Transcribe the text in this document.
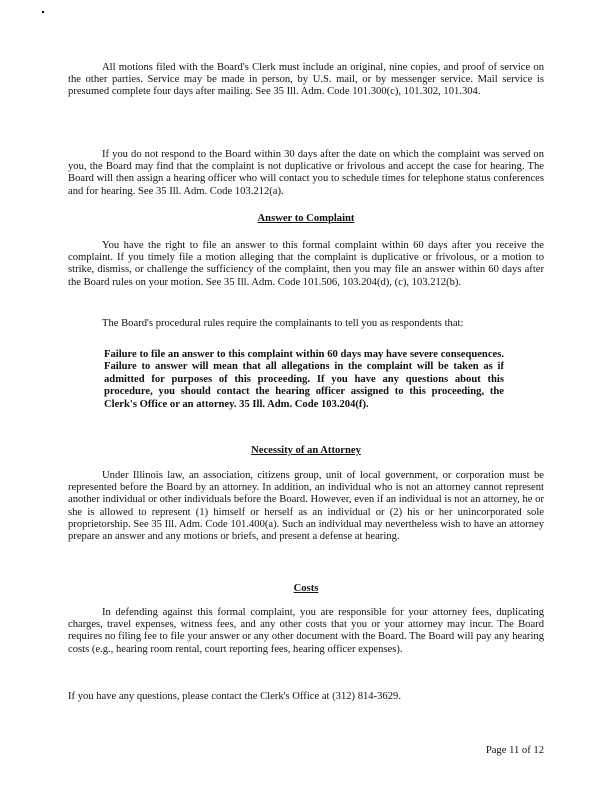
All motions filed with the Board's Clerk must include an original, nine copies, and proof of service on the other parties. Service may be made in person, by U.S. mail, or by messenger service. Mail service is presumed complete four days after mailing. See 35 Ill. Adm. Code 101.300(c), 101.302, 101.304.

If you do not respond to the Board within 30 days after the date on which the complaint was served on you, the Board may find that the complaint is not duplicative or frivolous and accept the case for hearing. The Board will then assign a hearing officer who will contact you to schedule times for telephone status conferences and for hearing. See 35 Ill. Adm. Code 103.212(a).

Answer to Complaint

You have the right to file an answer to this formal complaint within 60 days after you receive the complaint. If you timely file a motion alleging that the complaint is duplicative or frivolous, or a motion to strike, dismiss, or challenge the sufficiency of the complaint, then you may file an answer within 60 days after the Board rules on your motion. See 35 Ill. Adm. Code 101.506, 103.204(d), (c), 103.212(b).

The Board's procedural rules require the complainants to tell you as respondents that:

Failure to file an answer to this complaint within 60 days may have severe consequences. Failure to answer will mean that all allegations in the complaint will be taken as if admitted for purposes of this proceeding. If you have any questions about this procedure, you should contact the hearing officer assigned to this proceeding, the Clerk's Office or an attorney. 35 Ill. Adm. Code 103.204(f).

Necessity of an Attorney

Under Illinois law, an association, citizens group, unit of local government, or corporation must be represented before the Board by an attorney. In addition, an individual who is not an attorney cannot represent another individual or other individuals before the Board. However, even if an individual is not an attorney, he or she is allowed to represent (1) himself or herself as an individual or (2) his or her unincorporated sole proprietorship. See 35 Ill. Adm. Code 101.400(a). Such an individual may nevertheless wish to have an attorney prepare an answer and any motions or briefs, and present a defense at hearing.

Costs

In defending against this formal complaint, you are responsible for your attorney fees, duplicating charges, travel expenses, witness fees, and any other costs that you or your attorney may incur. The Board requires no filing fee to file your answer or any other document with the Board. The Board will pay any hearing costs (e.g., hearing room rental, court reporting fees, hearing officer expenses).

If you have any questions, please contact the Clerk's Office at (312) 814-3629.

Page 11 of 12
